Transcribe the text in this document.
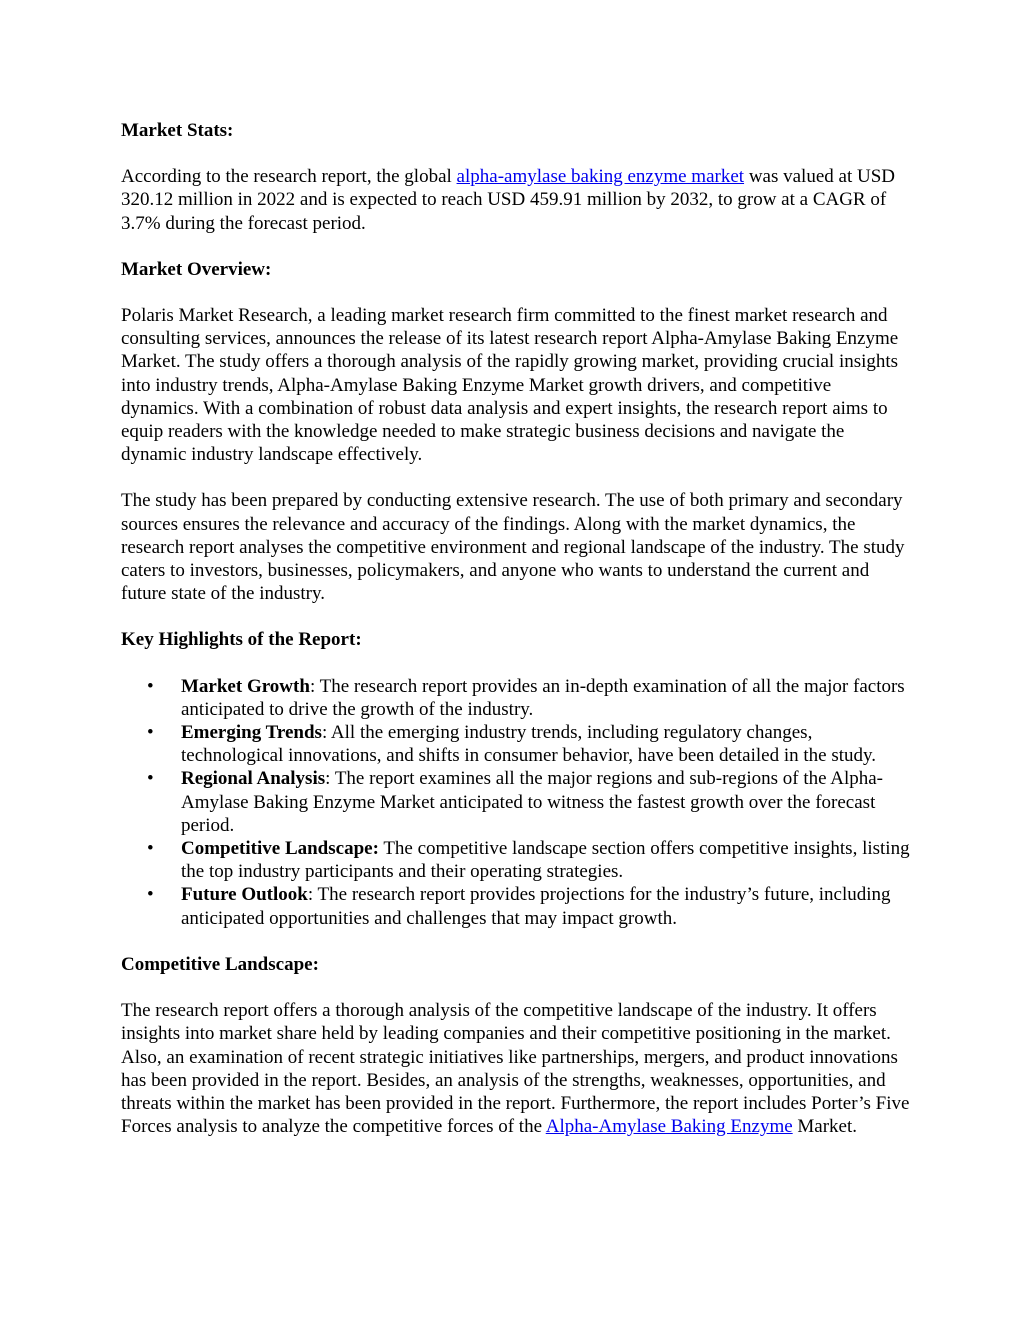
Market Stats:

According to the research report, the global alpha-amylase baking enzyme market was valued at USD 320.12 million in 2022 and is expected to reach USD 459.91 million by 2032, to grow at a CAGR of 3.7% during the forecast period.

Market Overview:

Polaris Market Research, a leading market research firm committed to the finest market research and consulting services, announces the release of its latest research report Alpha-Amylase Baking Enzyme Market. The study offers a thorough analysis of the rapidly growing market, providing crucial insights into industry trends, Alpha-Amylase Baking Enzyme Market growth drivers, and competitive dynamics. With a combination of robust data analysis and expert insights, the research report aims to equip readers with the knowledge needed to make strategic business decisions and navigate the dynamic industry landscape effectively.

The study has been prepared by conducting extensive research. The use of both primary and secondary sources ensures the relevance and accuracy of the findings. Along with the market dynamics, the research report analyses the competitive environment and regional landscape of the industry. The study caters to investors, businesses, policymakers, and anyone who wants to understand the current and future state of the industry.

Key Highlights of the Report:
• Market Growth: The research report provides an in-depth examination of all the major factors anticipated to drive the growth of the industry.
• Emerging Trends: All the emerging industry trends, including regulatory changes, technological innovations, and shifts in consumer behavior, have been detailed in the study.
• Regional Analysis: The report examines all the major regions and sub-regions of the Alpha-Amylase Baking Enzyme Market anticipated to witness the fastest growth over the forecast period.
• Competitive Landscape: The competitive landscape section offers competitive insights, listing the top industry participants and their operating strategies.
• Future Outlook: The research report provides projections for the industry’s future, including anticipated opportunities and challenges that may impact growth.
Competitive Landscape:

The research report offers a thorough analysis of the competitive landscape of the industry. It offers insights into market share held by leading companies and their competitive positioning in the market. Also, an examination of recent strategic initiatives like partnerships, mergers, and product innovations has been provided in the report. Besides, an analysis of the strengths, weaknesses, opportunities, and threats within the market has been provided in the report. Furthermore, the report includes Porter’s Five Forces analysis to analyze the competitive forces of the Alpha-Amylase Baking Enzyme Market.
